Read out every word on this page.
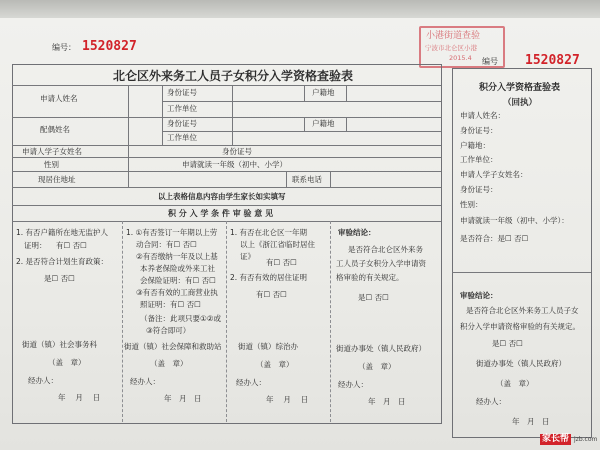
编号： 1520827
1520827
编号
小港街道查验
宁波市北仑区小港
2015.4
北仑区外来务工人员子女积分入学资格查验表
申请人姓名
身份证号	户籍地
工作单位
配偶姓名
身份证号	户籍地
工作单位
申请人学子女姓名	身份证号
性别	申请就读一年级（初中、小学）
现居住地址	联系电话
以上表格信息内容由学生家长如实填写
积 分 入 学 条 件 审 验 意 见
1. 有否户籍所在地无监护人
证明： 有☐ 否☐
2. 是否符合计划生育政策：
是☐ 否☐
街道（镇）社会事务科
（盖　章）
经办人：
年　 月　 日
1. ①有否签订一年期以上劳
动合同：有☐ 否☐
②有否缴纳一年及以上基
本养老保险或外来工社
会保险证明：有☐ 否☐
③有否有效的工商营业执
照证明：有☐ 否☐
（备注：此项只要①②或
③符合即可）
街道（镇）社会保障和救助站
（盖　章）
经办人：
年　月　日
1. 有否在北仑区一年期
以上《浙江省临时居住
证》
有☐ 否☐
2. 有否有效的居住证明
有☐ 否☐
街道（镇）综治办
（盖　章）
经办人：
年　 月　 日
审验结论：
是否符合北仑区外来务
工人员子女积分入学申请资
格审验的有关规定。
是☐ 否☐
街道办事处（镇人民政府）
（盖　章）
经办人：
年　月　日
积分入学资格查验表
（回执）
申请人姓名：
身份证号：
户籍地：
工作单位：
申请人学子女姓名：
身份证号：
性别：
申请就读一年级（初中、小学）：
是否符合：是☐ 否☐
审验结论：
是否符合北仑区外来务工人员子女
积分入学申请资格审验的有关规定。
是☐ 否☐
街道办事处（镇人民政府）
（盖　章）
经办人：
年　月　日
家长帮 jzb.com
